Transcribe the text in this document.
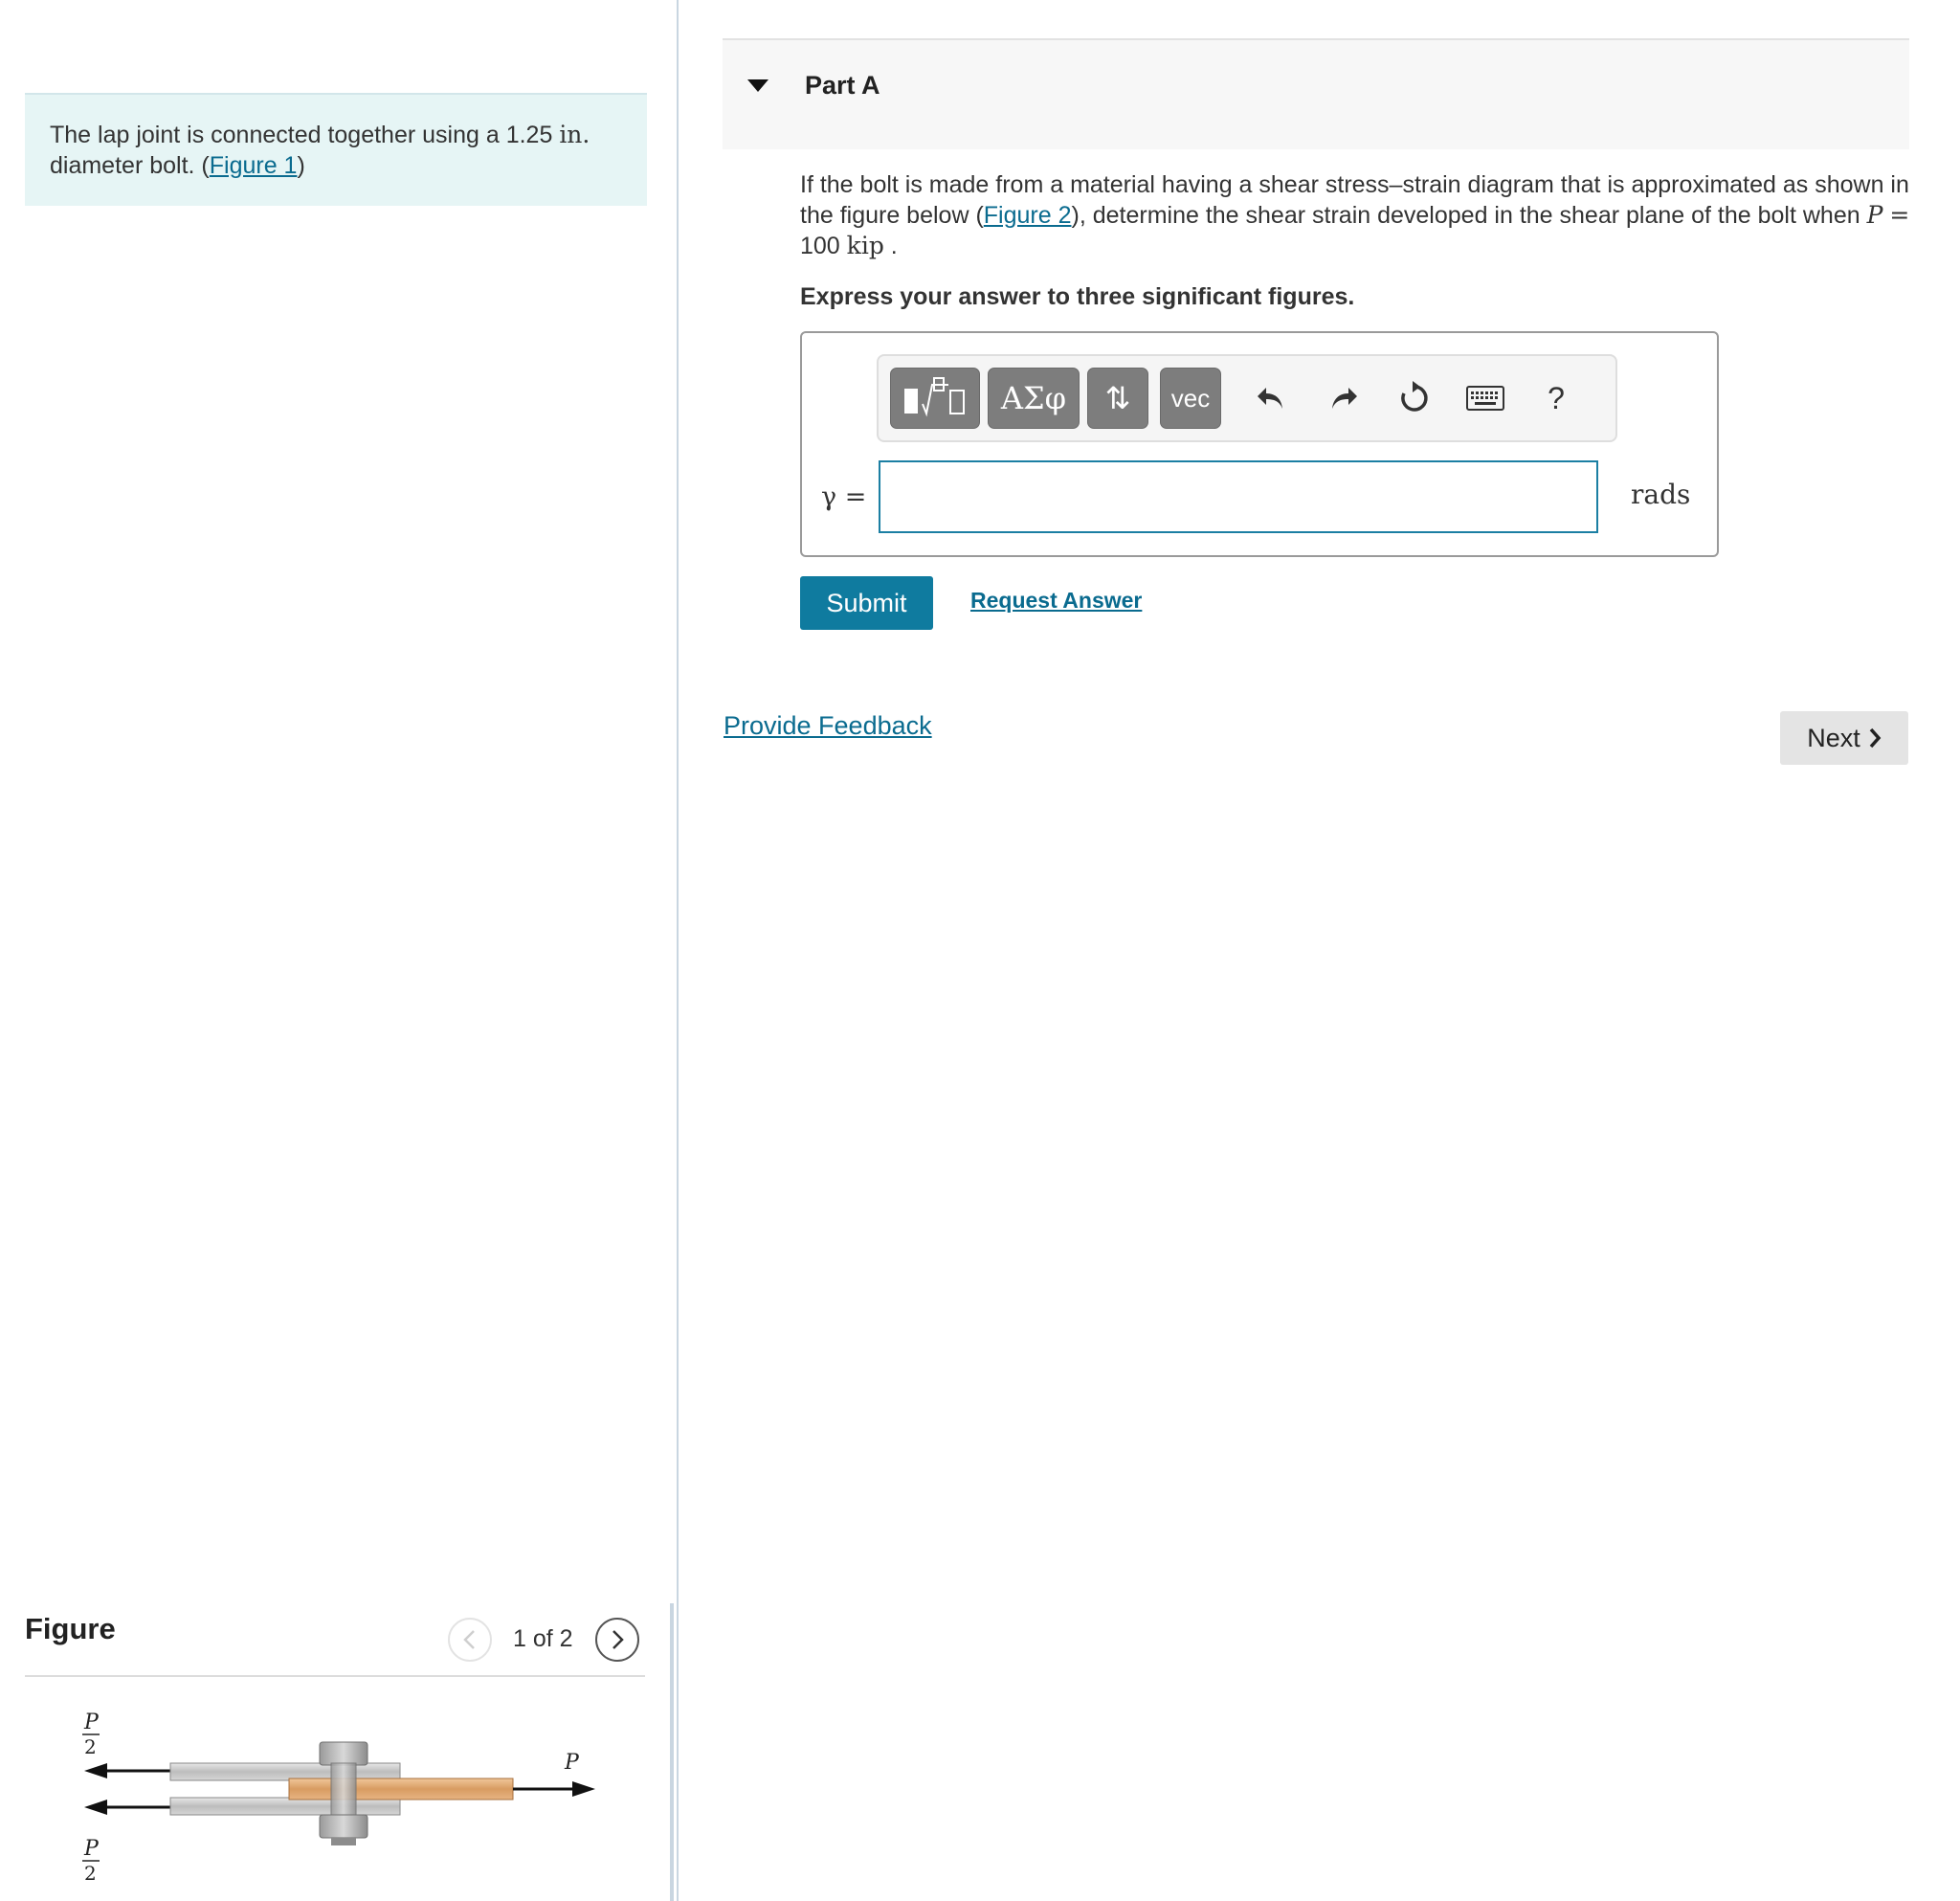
The lap joint is connected together using a 1.25 in.
diameter bolt. (Figure 1)
Figure	1 of 2
P
2
P
2
P
Part A
If the bolt is made from a material having a shear stress–strain diagram that is approximated as shown in the figure below (Figure 2), determine the shear strain developed in the shear plane of the bolt when P = 100 kip .
Express your answer to three significant figures.
ΑΣφ ⇅ vec	?
γ =	rads
Submit	Request Answer
Provide Feedback	Next
